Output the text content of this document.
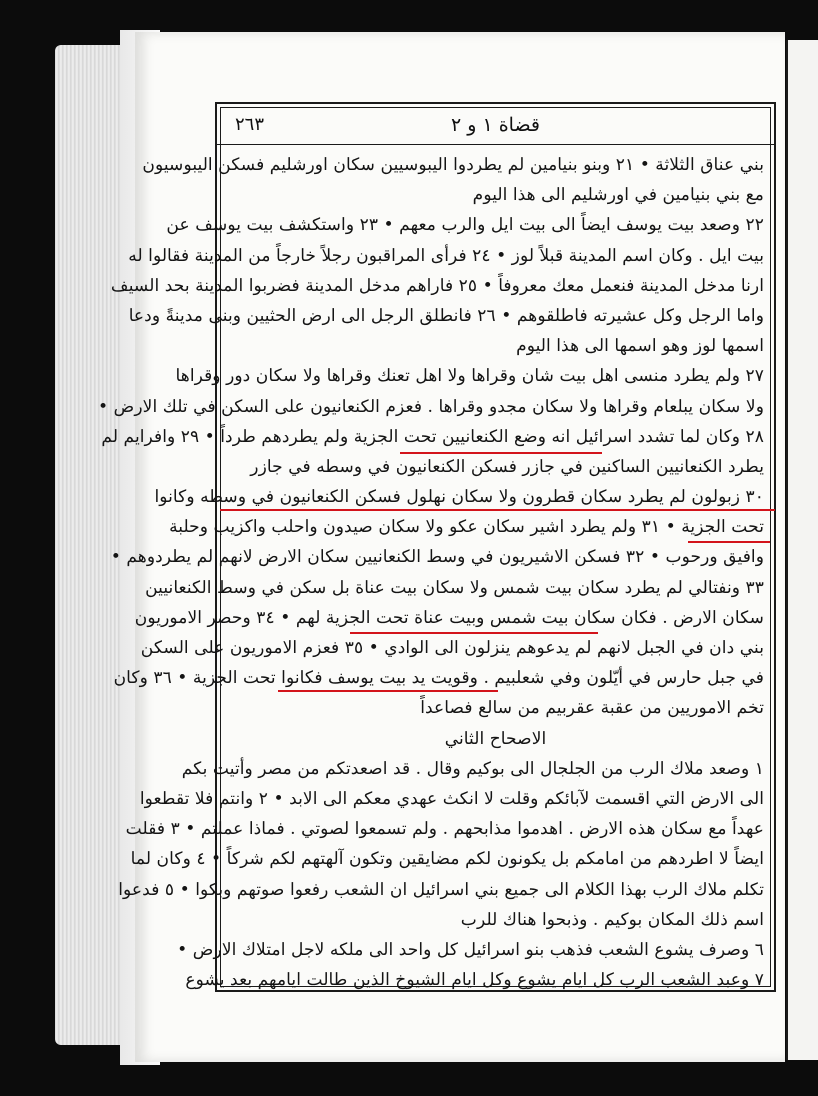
٢٦٣	قضاة ١ و ٢
بني عناق الثلاثة • ٢١ وبنو بنيامين لم يطردوا اليبوسيين سكان اورشليم فسكن اليبوسيون
مع بني بنيامين في اورشليم الى هذا اليوم
٢٢ وصعد بيت يوسف ايضاً الى بيت ايل والرب معهم • ٢٣ واستكشف بيت يوسف عن
بيت ايل . وكان اسم المدينة قبلاً لوز • ٢٤ فرأى المراقبون رجلاً خارجاً من المدينة فقالوا له
ارنا مدخل المدينة فنعمل معك معروفاً • ٢٥ فاراهم مدخل المدينة فضربوا المدينة بحد السيف
واما الرجل وكل عشيرته فاطلقوهم • ٢٦ فانطلق الرجل الى ارض الحثيين وبنى مدينةً ودعا
اسمها لوز وهو اسمها الى هذا اليوم
٢٧ ولم يطرد منسى اهل بيت شان وقراها ولا اهل تعنك وقراها ولا سكان دور وقراها
ولا سكان يبلعام وقراها ولا سكان مجدو وقراها . فعزم الكنعانيون على السكن في تلك الارض •
٢٨ وكان لما تشدد اسرائيل انه وضع الكنعانيين تحت الجزية ولم يطردهم طرداً • ٢٩ وافرايم لم
يطرد الكنعانيين الساكنين في جازر فسكن الكنعانيون في وسطه في جازر
٣٠ زبولون لم يطرد سكان قطرون ولا سكان نهلول فسكن الكنعانيون في وسطه وكانوا
تحت الجزية • ٣١ ولم يطرد اشير سكان عكو ولا سكان صيدون واحلب واكزيب وحلبة
وافيق ورحوب • ٣٢ فسكن الاشيريون في وسط الكنعانيين سكان الارض لانهم لم يطردوهم •
٣٣ ونفتالي لم يطرد سكان بيت شمس ولا سكان بيت عناة بل سكن في وسط الكنعانيين
سكان الارض . فكان سكان بيت شمس وبيت عناة تحت الجزية لهم • ٣٤ وحصر الاموريون
بني دان في الجبل لانهم لم يدعوهم ينزلون الى الوادي • ٣٥ فعزم الاموريون على السكن
في جبل حارس في أيّلون وفي شعلبيم . وقويت يد بيت يوسف فكانوا تحت الجزية • ٣٦ وكان
تخم الاموريين من عقبة عقربيم من سالع فصاعداً
الاصحاح الثاني
١ وصعد ملاك الرب من الجلجال الى بوكيم وقال . قد اصعدتكم من مصر وأتيت بكم
الى الارض التي اقسمت لآبائكم وقلت لا انكث عهدي معكم الى الابد • ٢ وانتم فلا تقطعوا
عهداً مع سكان هذه الارض . اهدموا مذابحهم . ولم تسمعوا لصوتي . فماذا عملتم • ٣ فقلت
ايضاً لا اطردهم من امامكم بل يكونون لكم مضايقين وتكون آلهتهم لكم شركاً • ٤ وكان لما
تكلم ملاك الرب بهذا الكلام الى جميع بني اسرائيل ان الشعب رفعوا صوتهم وبكوا • ٥ فدعوا
اسم ذلك المكان بوكيم . وذبحوا هناك للرب
٦ وصرف يشوع الشعب فذهب بنو اسرائيل كل واحد الى ملكه لاجل امتلاك الارض •
٧ وعبد الشعب الرب كل ايام يشوع وكل ايام الشيوخ الذين طالت ايامهم بعد يشوع
